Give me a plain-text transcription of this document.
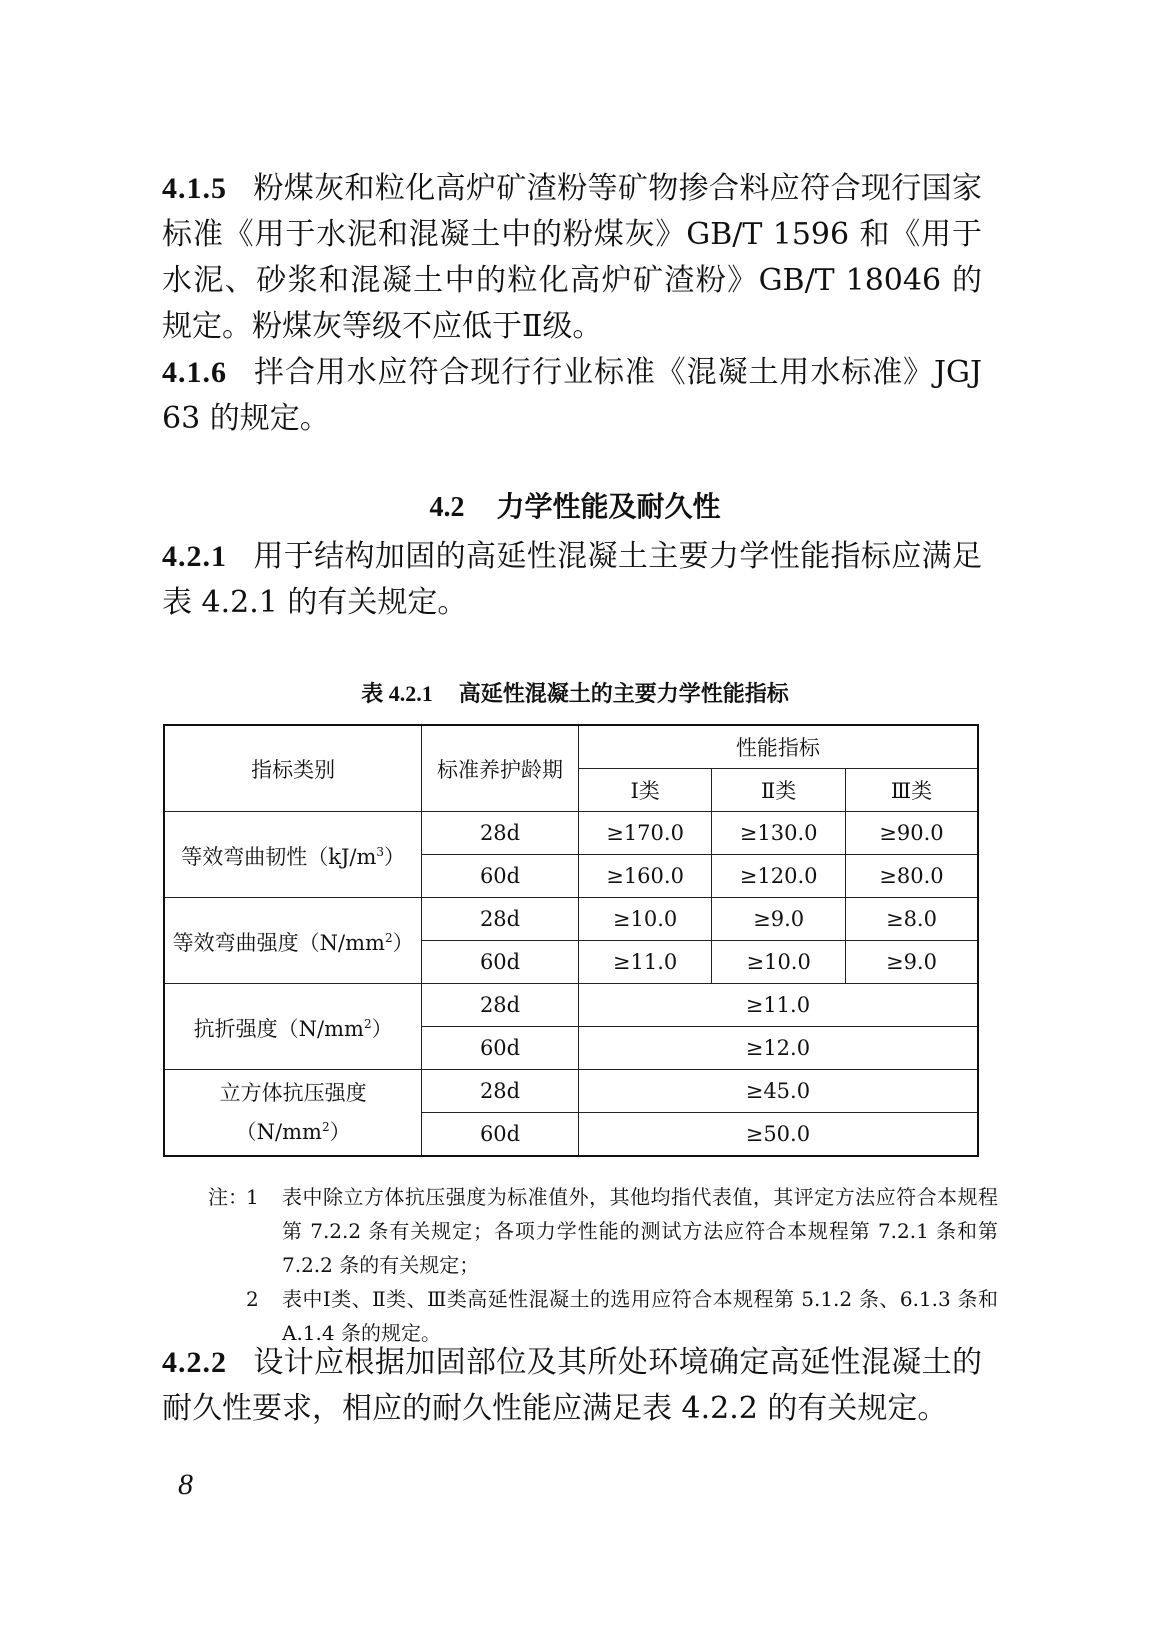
4.1.5 粉煤灰和粒化高炉矿渣粉等矿物掺合料应符合现行国家标准《用于水泥和混凝土中的粉煤灰》GB/T 1596 和《用于水泥、砂浆和混凝土中的粒化高炉矿渣粉》GB/T 18046 的规定。粉煤灰等级不应低于Ⅱ级。

4.1.6 拌合用水应符合现行行业标准《混凝土用水标准》JGJ 63 的规定。

4.2 力学性能及耐久性

4.2.1 用于结构加固的高延性混凝土主要力学性能指标应满足表 4.2.1 的有关规定。

表 4.2.1 高延性混凝土的主要力学性能指标
指标类别	标准养护龄期	性能指标		
		Ⅰ类	Ⅱ类	Ⅲ类
等效弯曲韧性$(kJ/m^3)$	28d	≥170.0	≥130.0	≥90.0
	60d	≥160.0	≥120.0	≥80.0
等效弯曲强度$(N/mm^2)$	28d	≥10.0	≥9.0	≥8.0
	60d	≥11.0	≥10.0	≥9.0
抗折强度$(N/mm^2)$	28d	≥11.0		
	60d	≥12.0		
立方体抗压强度
$(N/mm^2)$	28d	≥45.0		
	60d	≥50.0		
注：
1	表中除立方体抗压强度为标准值外，其他均指代表值，其评定方法应符合本规程第 7.2.2 条有关规定；各项力学性能的测试方法应符合本规程第 7.2.1 条和第 7.2.2 条的有关规定；
2	表中Ⅰ类、Ⅱ类、Ⅲ类高延性混凝土的选用应符合本规程第 5.1.2 条、6.1.3 条和 A.1.4 条的规定。

4.2.2 设计应根据加固部位及其所处环境确定高延性混凝土的耐久性要求，相应的耐久性能应满足表 4.2.2 的有关规定。

8
